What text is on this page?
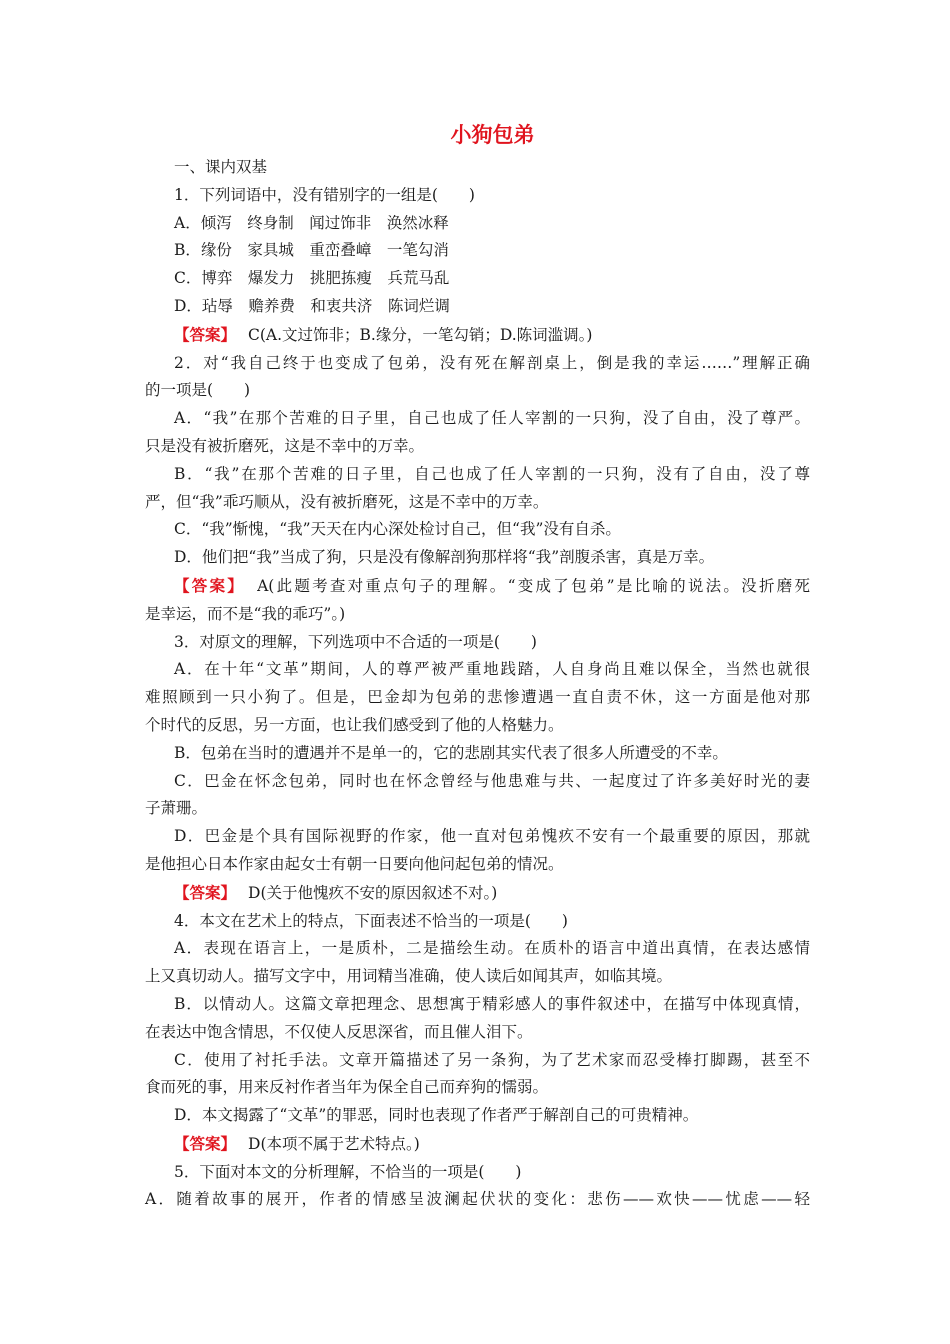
小狗包弟
一、课内双基
1．下列词语中，没有错别字的一组是(　　)
A．倾泻　终身制　闻过饰非　涣然冰释
B．缘份　家具城　重峦叠嶂　一笔勾消
C．博弈　爆发力　挑肥拣瘦　兵荒马乱
D．玷辱　赡养费　和衷共济　陈词烂调
【答案】 C(A.文过饰非；B.缘分，一笔勾销；D.陈词滥调。)
2．对“我自己终于也变成了包弟，没有死在解剖桌上，倒是我的幸运……”理解正确
的一项是(　　)
A．“我”在那个苦难的日子里，自己也成了任人宰割的一只狗，没了自由，没了尊严。
只是没有被折磨死，这是不幸中的万幸。
B．“我”在那个苦难的日子里，自己也成了任人宰割的一只狗，没有了自由，没了尊
严，但“我”乖巧顺从，没有被折磨死，这是不幸中的万幸。
C．“我”惭愧，“我”天天在内心深处检讨自己，但“我”没有自杀。
D．他们把“我”当成了狗，只是没有像解剖狗那样将“我”剖腹杀害，真是万幸。
【答案】 A(此题考查对重点句子的理解。“变成了包弟”是比喻的说法。没折磨死
是幸运，而不是“我的乖巧”。)
3．对原文的理解，下列选项中不合适的一项是(　　)
A．在十年“文革”期间，人的尊严被严重地践踏，人自身尚且难以保全，当然也就很
难照顾到一只小狗了。但是，巴金却为包弟的悲惨遭遇一直自责不休，这一方面是他对那
个时代的反思，另一方面，也让我们感受到了他的人格魅力。
B．包弟在当时的遭遇并不是单一的，它的悲剧其实代表了很多人所遭受的不幸。
C．巴金在怀念包弟，同时也在怀念曾经与他患难与共、一起度过了许多美好时光的妻
子萧珊。
D．巴金是个具有国际视野的作家，他一直对包弟愧疚不安有一个最重要的原因，那就
是他担心日本作家由起女士有朝一日要向他问起包弟的情况。
【答案】 D(关于他愧疚不安的原因叙述不对。)
4．本文在艺术上的特点，下面表述不恰当的一项是(　　)
A．表现在语言上，一是质朴，二是描绘生动。在质朴的语言中道出真情，在表达感情
上又真切动人。描写文字中，用词精当准确，使人读后如闻其声，如临其境。
B．以情动人。这篇文章把理念、思想寓于精彩感人的事件叙述中，在描写中体现真情，
在表达中饱含情思，不仅使人反思深省，而且催人泪下。
C．使用了衬托手法。文章开篇描述了另一条狗，为了艺术家而忍受棒打脚踢，甚至不
食而死的事，用来反衬作者当年为保全自己而弃狗的懦弱。
D．本文揭露了“文革”的罪恶，同时也表现了作者严于解剖自己的可贵精神。
【答案】 D(本项不属于艺术特点。)
5．下面对本文的分析理解，不恰当的一项是(　　)
A．随着故事的展开，作者的情感呈波澜起伏状的变化：悲伤——欢快——忧虑——轻
